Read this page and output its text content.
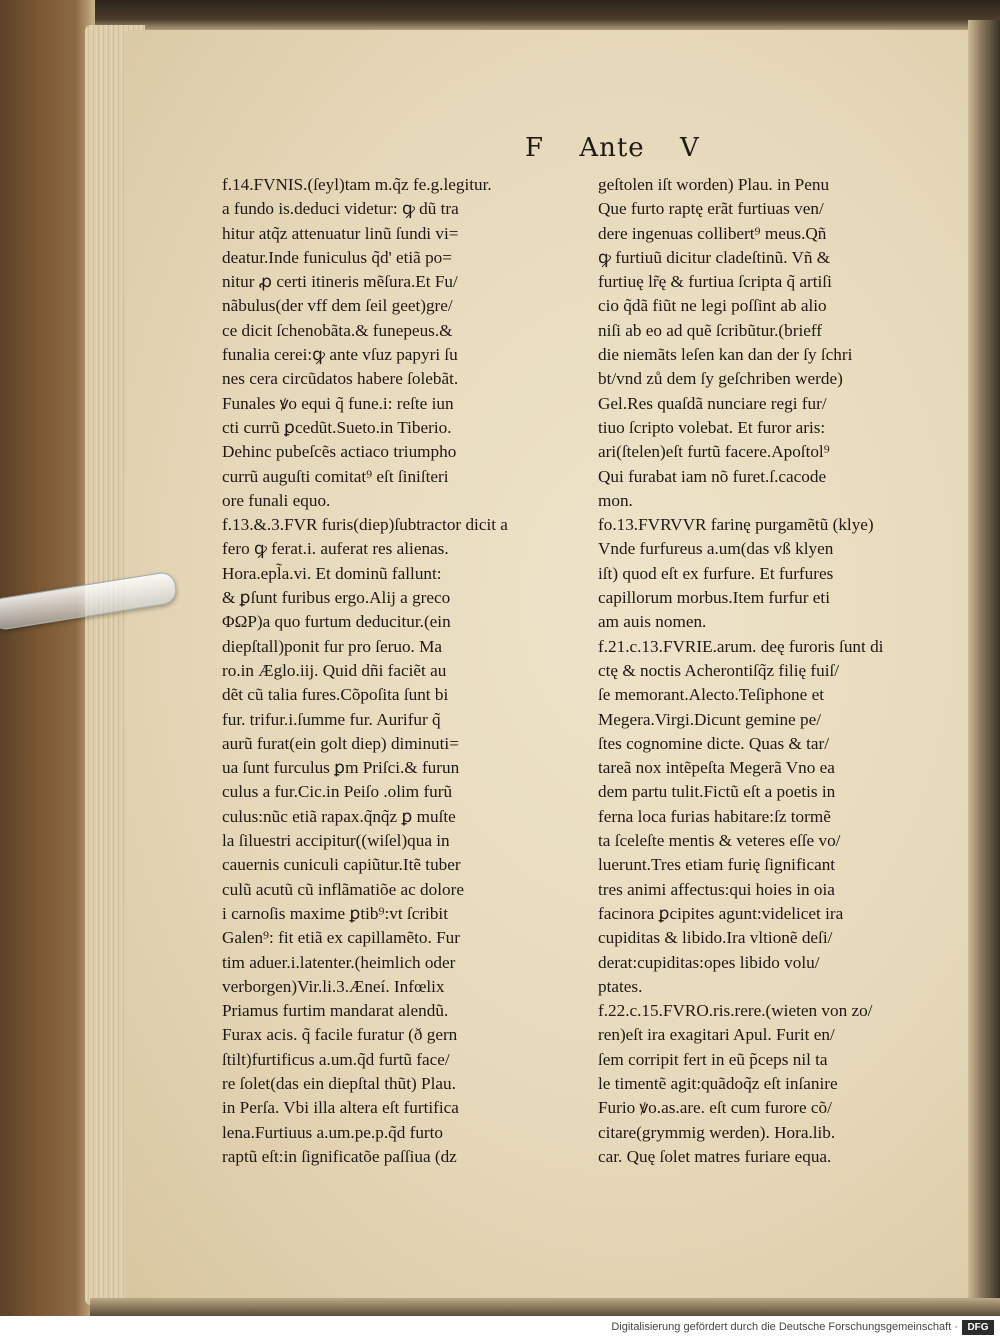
F Ante V
f.14.FVNIS.(ſeyl)tam m.q̃z fe.g.legitur.
a fundo is.deduci videtur: ꝙ dũ tra
hitur atq̃z attenuatur linũ ſundi vi=
deatur.Inde funiculus q̃d' etiã po=
nitur ꝓ certi itineris mẽſura.Et Fu/
nãbulus(der vff dem ſeil geet)gre/
ce dicit ſchenobãta.& funepeus.&
funalia cerei:ꝙ ante vſuz papyri ſu
nes cera circũdatos habere ſolebãt.
Funales ꝟo equi q̃ fune.i: reſte iun
cti currũ ꝑcedũt.Sueto.in Tiberio.
Dehinc pubeſcẽs actiaco triumpho
currũ auguſti comitat⁹ eſt ſiniſteri
ore funali equo.
f.13.&.3.FVR furis(diep)ſubtractor dicit a
fero ꝙ ferat.i. auferat res alienas.
Hora.epl̃a.vi. Et dominũ fallunt:
& ꝑſunt furibus ergo.Alij a greco
ΦΩΡ)a quo furtum deducitur.(ein
diepſtall)ponit fur pro ſeruo. Ma
ro.in Æglo.iij. Quid dñi faciẽt au
dẽt cũ talia fures.Cõpoſita ſunt bi
fur. trifur.i.ſumme fur. Aurifur q̃
aurũ furat(ein golt diep) diminuti=
ua ſunt furculus ꝑm Priſci.& furun
culus a fur.Cic.in Peiſo .olim furũ
culus:nũc etiã rapax.q̃nq̃z ꝑ muſte
la ſiluestri accipitur((wiſel)qua in
cauernis cuniculi capiũtur.Itẽ tuber
culũ acutũ cũ inflãmatiõe ac dolore
i carnoſis maxime ꝑtib⁹:vt ſcribit
Galen⁹: fit etiã ex capillamẽto. Fur
tim aduer.i.latenter.(heimlich oder
verborgen)Vir.li.3.Æneí. Infœlix
Priamus furtim mandarat alendũ.
Furax acis. q̃ facile furatur (ð gern
ſtilt)furtificus a.um.q̃d furtũ face/
re ſolet(das ein diepſtal thũt) Plau.
in Perſa. Vbi illa altera eſt furtifica
lena.Furtiuus a.um.pe.p.q̃d furto
raptũ eſt:in ſignificatõe paſſiua (dz
geſtolen iſt worden) Plau. in Penu
Que furto raptę erãt furtiuas ven/
dere ingenuas collibert⁹ meus.Qñ
ꝙ furtiuũ dicitur cladeſtinũ. Vñ &
furtiuę lr̃ę & furtiua ſcripta q̃ artiſi
cio q̃dã fiũt ne legi poſſint ab alio
niſi ab eo ad quẽ ſcribũtur.(brieff
die niemãts leſen kan dan der ſy ſchri
bt/vnd zů dem ſy geſchriben werde)
Gel.Res quaſdã nunciare regi fur/
tiuo ſcripto volebat. Et furor aris:
ari(ſtelen)eſt furtũ facere.Apoſtol⁹
Qui furabat iam nõ furet.ſ.cacode
mon.
fo.13.FVRVVR farinę purgamẽtũ (klye)
Vnde furfureus a.um(das vß klyen
iſt) quod eſt ex furfure. Et furfures
capillorum morbus.Item furfur eti
am auis nomen.
f.21.c.13.FVRIE.arum. deę furoris ſunt di
ctę & noctis Acherontiſq̃z filię fuiſ/
ſe memorant.Alecto.Teſiphone et
Megera.Virgi.Dicunt gemine pe/
ſtes cognomine dicte. Quas & tar/
tareã nox intẽpeſta Megerã Vno ea
dem partu tulit.Fictũ eſt a poetis in
ferna loca furias habitare:ſz tormẽ
ta ſceleſte mentis & veteres eſſe vo/
luerunt.Tres etiam furię ſignificant
tres animi affectus:qui hoies in oia
facinora ꝑcipites agunt:videlicet ira
cupiditas & libido.Ira vltionẽ deſi/
derat:cupiditas:opes libido volu/
ptates.
f.22.c.15.FVRO.ris.rere.(wieten von zo/
ren)eſt ira exagitari Apul. Furit en/
ſem corripit fert in eũ p̃ceps nil ta
le timentẽ agit:quãdoq̃z eſt inſanire
Furio ꝟo.as.are. eſt cum furore cõ/
citare(grymmig werden). Hora.lib.
car. Quę ſolet matres furiare equa.
Digitalisierung gefördert durch die Deutsche Forschungsgemeinschaft · DFG
